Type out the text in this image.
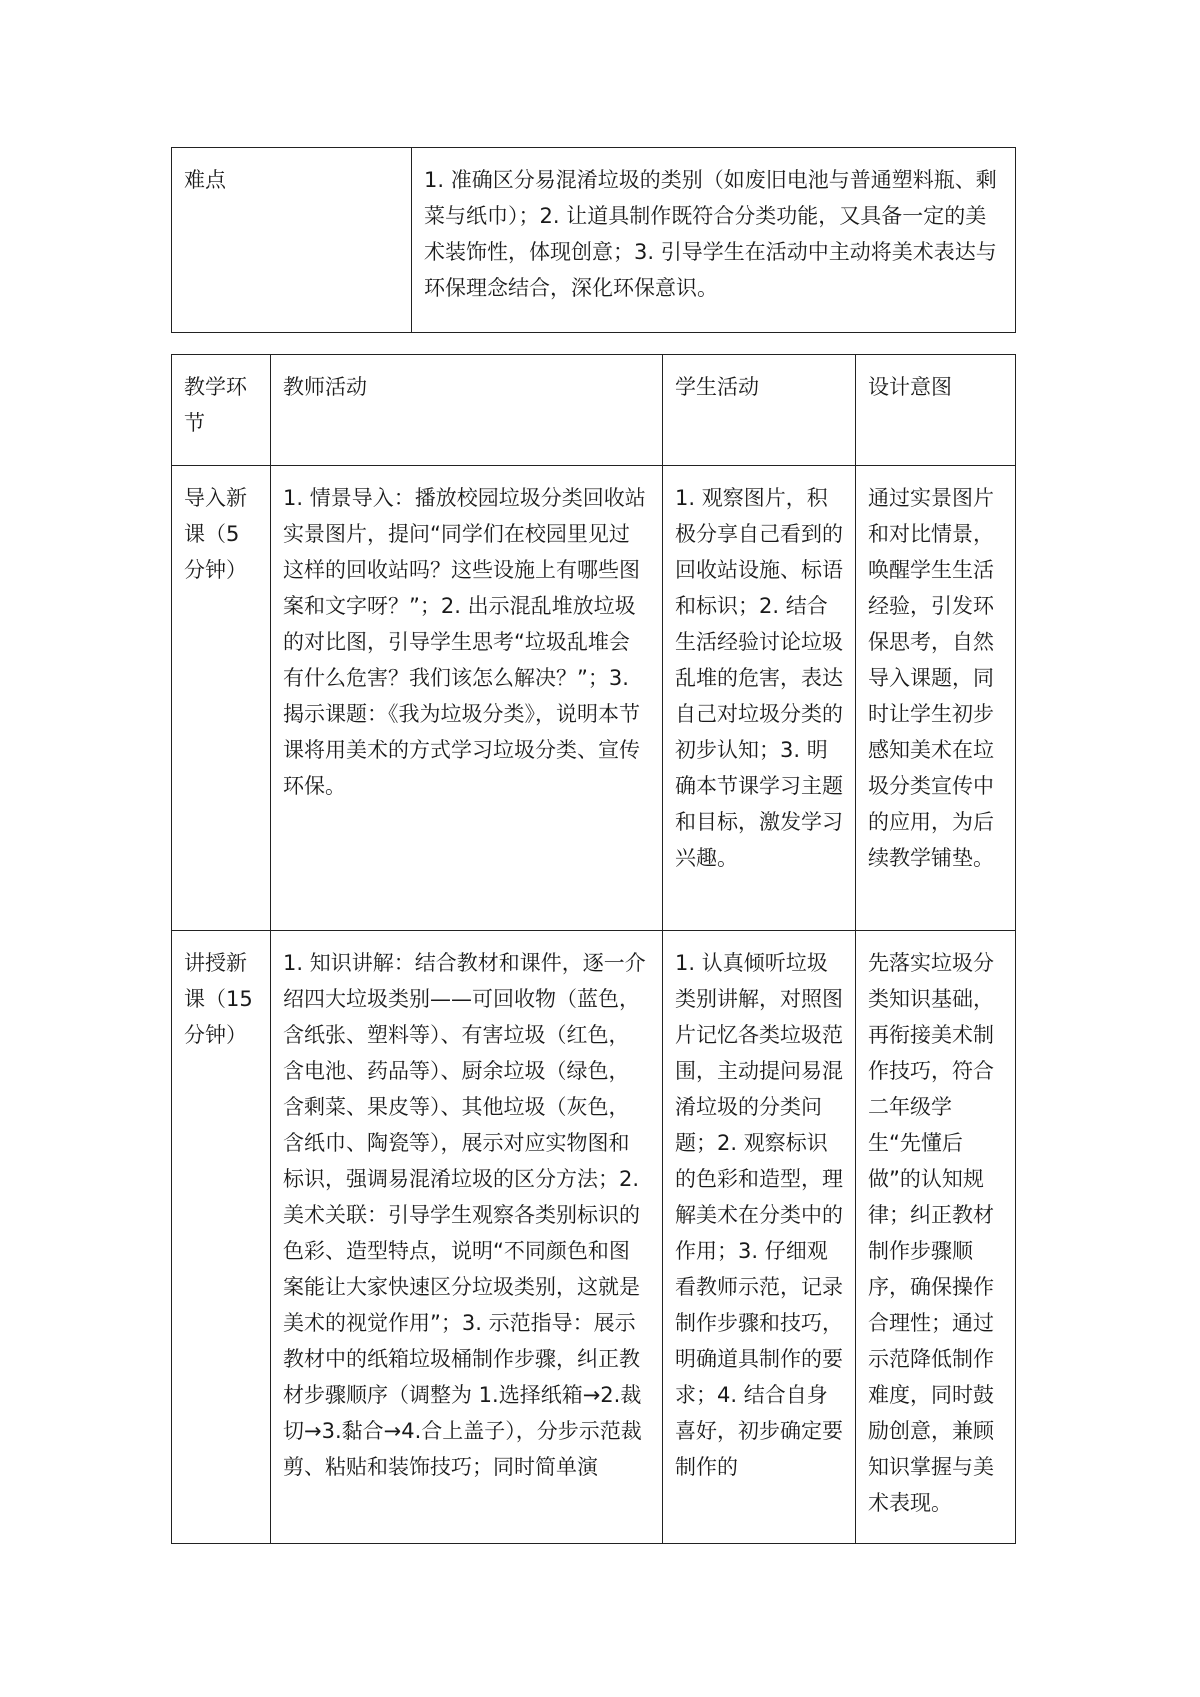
难点	1. 准确区分易混淆垃圾的类别（如废旧电池与普通塑料瓶、剩菜与纸巾）；2. 让道具制作既符合分类功能，又具备一定的美术装饰性，体现创意；3. 引导学生在活动中主动将美术表达与环保理念结合，深化环保意识。
教学环节	教师活动	学生活动	设计意图
导入新课（5分钟）	1. 情景导入：播放校园垃圾分类回收站实景图片，提问“同学们在校园里见过这样的回收站吗？这些设施上有哪些图案和文字呀？”；2. 出示混乱堆放垃圾的对比图，引导学生思考“垃圾乱堆会有什么危害？我们该怎么解决？”；3. 揭示课题：《我为垃圾分类》，说明本节课将用美术的方式学习垃圾分类、宣传环保。	1. 观察图片，积极分享自己看到的回收站设施、标语和标识；2. 结合生活经验讨论垃圾乱堆的危害，表达自己对垃圾分类的初步认知；3. 明确本节课学习主题和目标，激发学习兴趣。	通过实景图片和对比情景，唤醒学生生活经验，引发环保思考，自然导入课题，同时让学生初步感知美术在垃圾分类宣传中的应用，为后续教学铺垫。
讲授新课（15分钟）	1. 知识讲解：结合教材和课件，逐一介绍四大垃圾类别——可回收物（蓝色，含纸张、塑料等）、有害垃圾（红色，含电池、药品等）、厨余垃圾（绿色，含剩菜、果皮等）、其他垃圾（灰色，含纸巾、陶瓷等），展示对应实物图和标识，强调易混淆垃圾的区分方法；2. 美术关联：引导学生观察各类别标识的色彩、造型特点，说明“不同颜色和图案能让大家快速区分垃圾类别，这就是美术的视觉作用”；3. 示范指导：展示教材中的纸箱垃圾桶制作步骤，纠正教材步骤顺序（调整为 1.选择纸箱→2.裁切→3.黏合→4.合上盖子），分步示范裁剪、粘贴和装饰技巧；同时简单演	1. 认真倾听垃圾类别讲解，对照图片记忆各类垃圾范围，主动提问易混淆垃圾的分类问题；2. 观察标识的色彩和造型，理解美术在分类中的作用；3. 仔细观看教师示范，记录制作步骤和技巧，明确道具制作的要求；4. 结合自身喜好，初步确定要制作的	先落实垃圾分类知识基础，再衔接美术制作技巧，符合二年级学生“先懂后做”的认知规律；纠正教材制作步骤顺序，确保操作合理性；通过示范降低制作难度，同时鼓励创意，兼顾知识掌握与美术表现。
